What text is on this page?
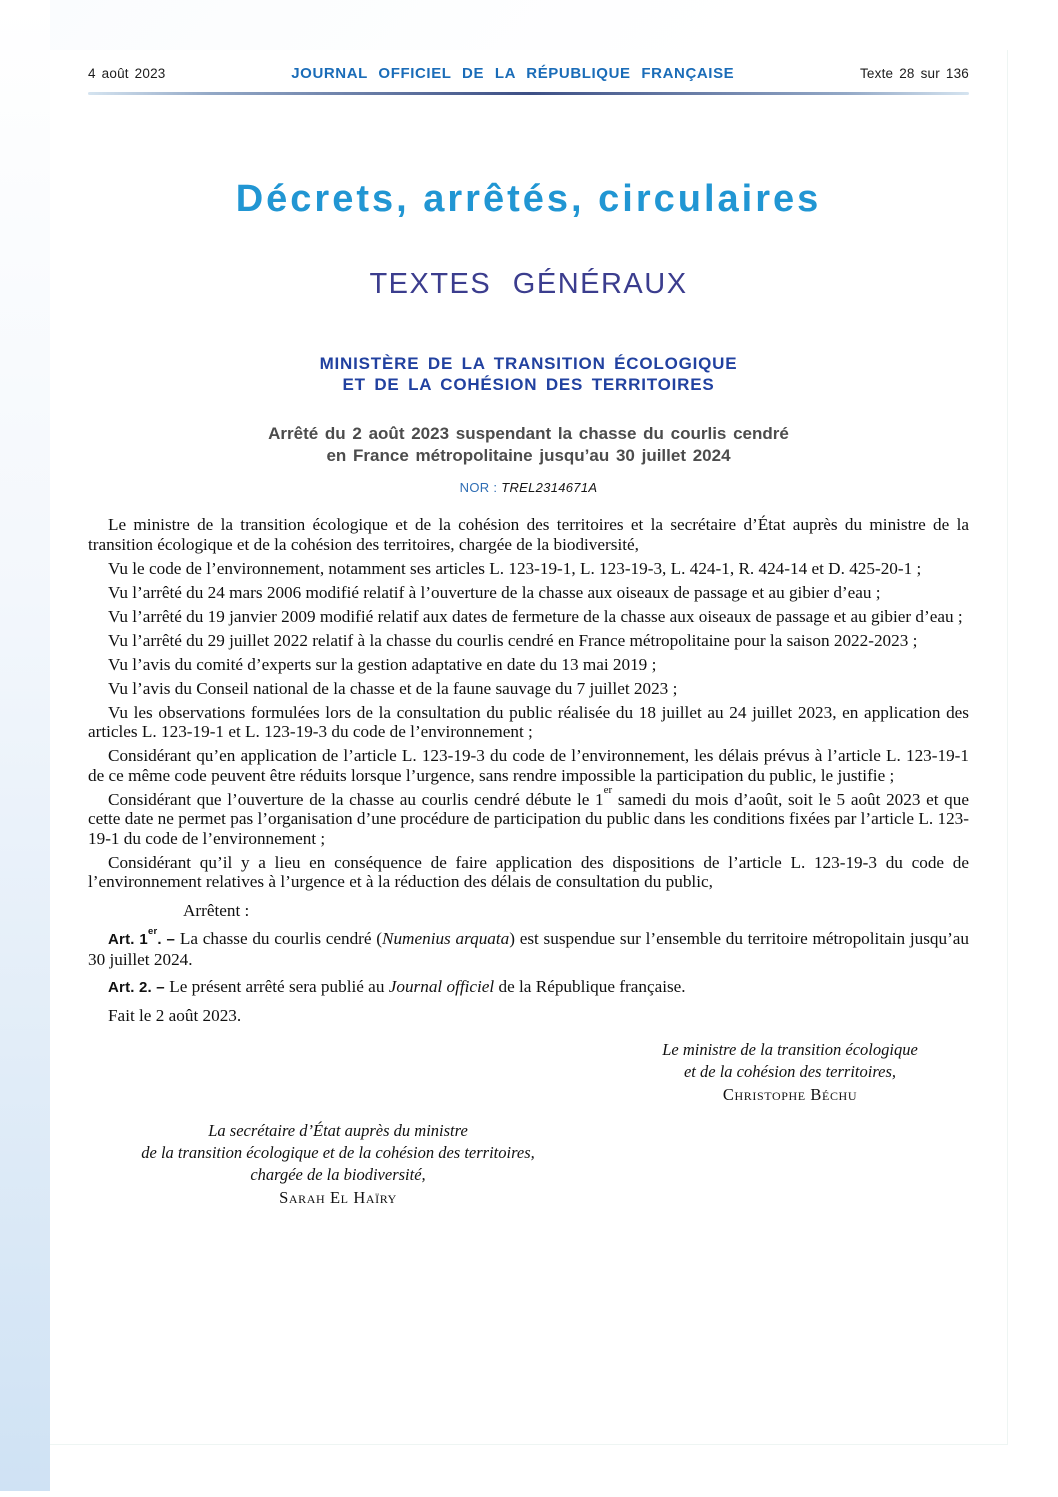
4 août 2023	JOURNAL OFFICIEL DE LA RÉPUBLIQUE FRANÇAISE	Texte 28 sur 136
Décrets, arrêtés, circulaires
TEXTES GÉNÉRAUX
MINISTÈRE DE LA TRANSITION ÉCOLOGIQUE
ET DE LA COHÉSION DES TERRITOIRES
Arrêté du 2 août 2023 suspendant la chasse du courlis cendré
en France métropolitaine jusqu’au 30 juillet 2024
NOR : TREL2314671A

Le ministre de la transition écologique et de la cohésion des territoires et la secrétaire d’État auprès du ministre de la transition écologique et de la cohésion des territoires, chargée de la biodiversité,

Vu le code de l’environnement, notamment ses articles L. 123-19-1, L. 123-19-3, L. 424-1, R. 424-14 et D. 425-20-1 ;

Vu l’arrêté du 24 mars 2006 modifié relatif à l’ouverture de la chasse aux oiseaux de passage et au gibier d’eau ;

Vu l’arrêté du 19 janvier 2009 modifié relatif aux dates de fermeture de la chasse aux oiseaux de passage et au gibier d’eau ;

Vu l’arrêté du 29 juillet 2022 relatif à la chasse du courlis cendré en France métropolitaine pour la saison 2022-2023 ;

Vu l’avis du comité d’experts sur la gestion adaptative en date du 13 mai 2019 ;

Vu l’avis du Conseil national de la chasse et de la faune sauvage du 7 juillet 2023 ;

Vu les observations formulées lors de la consultation du public réalisée du 18 juillet au 24 juillet 2023, en application des articles L. 123-19-1 et L. 123-19-3 du code de l’environnement ;

Considérant qu’en application de l’article L. 123-19-3 du code de l’environnement, les délais prévus à l’article L. 123-19-1 de ce même code peuvent être réduits lorsque l’urgence, sans rendre impossible la participation du public, le justifie ;

Considérant que l’ouverture de la chasse au courlis cendré débute le 1er samedi du mois d’août, soit le 5 août 2023 et que cette date ne permet pas l’organisation d’une procédure de participation du public dans les conditions fixées par l’article L. 123-19-1 du code de l’environnement ;

Considérant qu’il y a lieu en conséquence de faire application des dispositions de l’article L. 123-19-3 du code de l’environnement relatives à l’urgence et à la réduction des délais de consultation du public,

Arrêtent :

Art. 1er. – La chasse du courlis cendré (Numenius arquata) est suspendue sur l’ensemble du territoire métropolitain jusqu’au 30 juillet 2024.

Art. 2. – Le présent arrêté sera publié au Journal officiel de la République française.

Fait le 2 août 2023.

Le ministre de la transition écologique
et de la cohésion des territoires,
Christophe Béchu
La secrétaire d’État auprès du ministre
de la transition écologique et de la cohésion des territoires,
chargée de la biodiversité,
Sarah El Haïry
